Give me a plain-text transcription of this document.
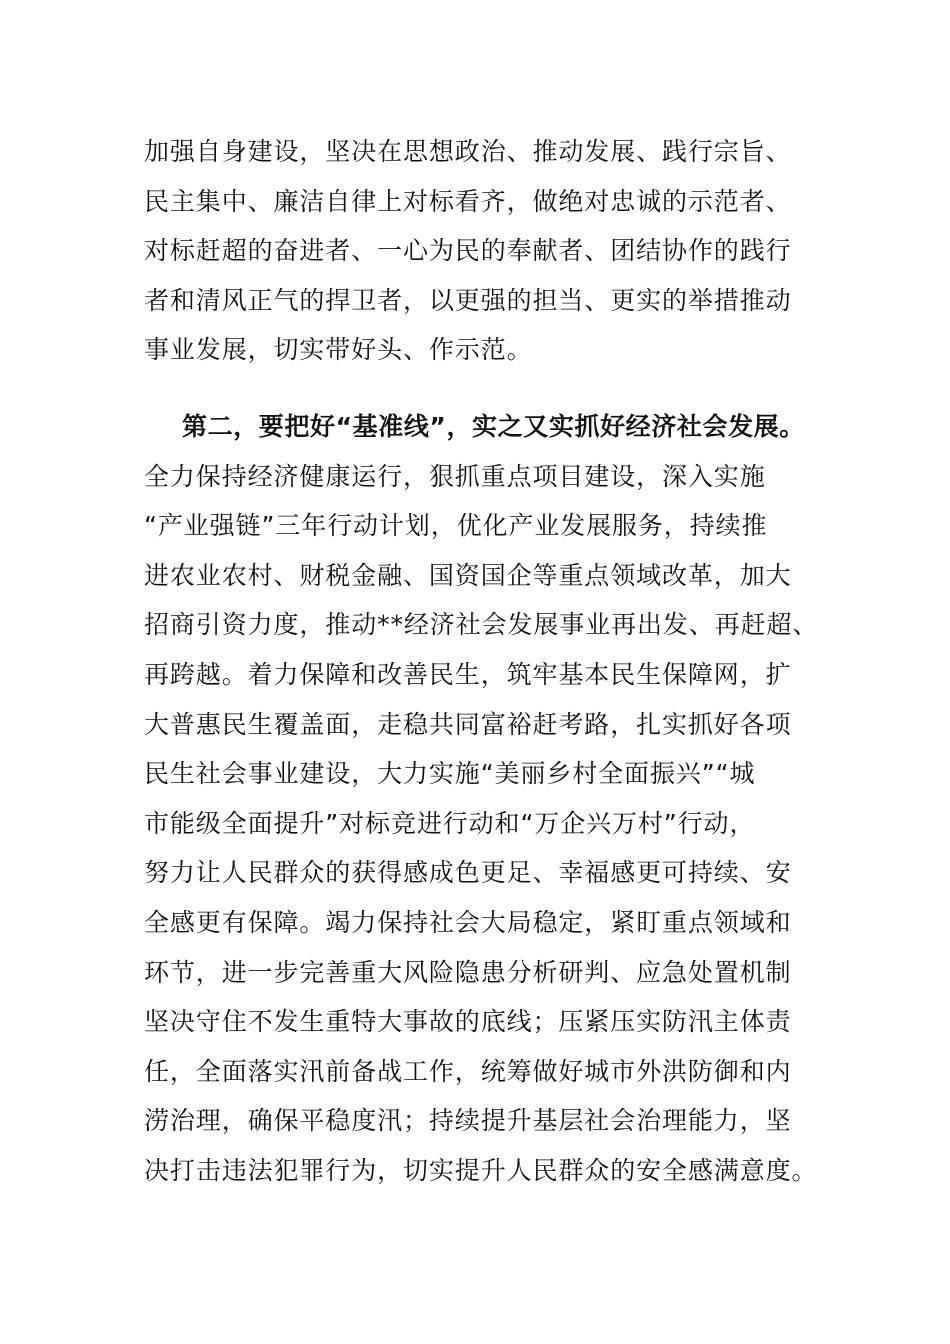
加强自身建设，坚决在思想政治、推动发展、践行宗旨、
民主集中、廉洁自律上对标看齐，做绝对忠诚的示范者、
对标赶超的奋进者、一心为民的奉献者、团结协作的践行
者和清风正气的捍卫者，以更强的担当、更实的举措推动
事业发展，切实带好头、作示范。
第二，要把好“基准线”，实之又实抓好经济社会发展。
全力保持经济健康运行，狠抓重点项目建设，深入实施
“产业强链”三年行动计划，优化产业发展服务，持续推
进农业农村、财税金融、国资国企等重点领域改革，加大
招商引资力度，推动**经济社会发展事业再出发、再赶超、
再跨越。着力保障和改善民生，筑牢基本民生保障网，扩
大普惠民生覆盖面，走稳共同富裕赶考路，扎实抓好各项
民生社会事业建设，大力实施“美丽乡村全面振兴”“城
市能级全面提升”对标竞进行动和“万企兴万村”行动，
努力让人民群众的获得感成色更足、幸福感更可持续、安
全感更有保障。竭力保持社会大局稳定，紧盯重点领域和
环节，进一步完善重大风险隐患分析研判、应急处置机制
坚决守住不发生重特大事故的底线；压紧压实防汛主体责
任，全面落实汛前备战工作，统筹做好城市外洪防御和内
涝治理，确保平稳度汛；持续提升基层社会治理能力，坚
决打击违法犯罪行为，切实提升人民群众的安全感满意度。
